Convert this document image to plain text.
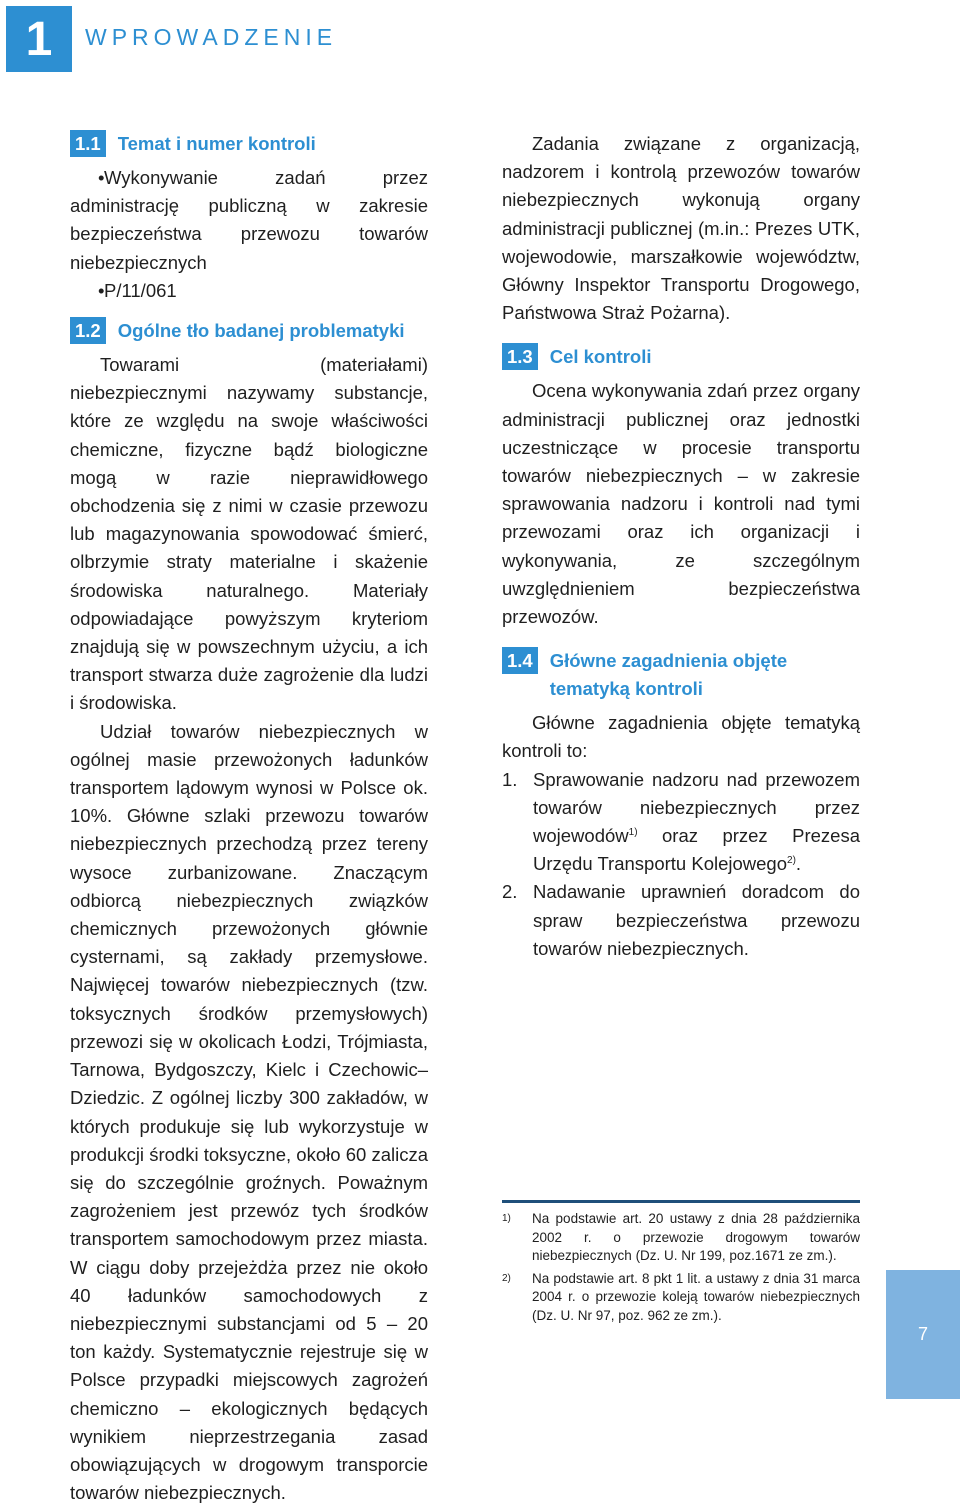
1 WPROWADZENIE
1.1 Temat i numer kontroli
• Wykonywanie zadań przez administrację publiczną w zakresie bezpieczeństwa przewozu towarów niebezpiecznych
• P/11/061
1.2 Ogólne tło badanej problematyki

Towarami (materiałami) niebezpiecznymi nazywamy substancje, które ze względu na swoje właściwości chemiczne, fizyczne bądź biologiczne mogą w razie nieprawidłowego obchodzenia się z nimi w czasie przewozu lub magazynowania spowodować śmierć, olbrzymie straty materialne i skażenie środowiska naturalnego. Materiały odpowiadające powyższym kryteriom znajdują się w powszechnym użyciu, a ich transport stwarza duże zagrożenie dla ludzi i środowiska.

Udział towarów niebezpiecznych w ogólnej masie przewożonych ładunków transportem lądowym wynosi w Polsce ok. 10%. Główne szlaki przewozu towarów niebezpiecznych przechodzą przez tereny wysoce zurbanizowane. Znaczącym odbiorcą niebezpiecznych związków chemicznych przewożonych głównie cysternami, są zakłady przemysłowe. Najwięcej towarów niebezpiecznych (tzw. toksycznych środków przemysłowych) przewozi się w okolicach Łodzi, Trójmiasta, Tarnowa, Bydgoszczy, Kielc i Czechowic–Dziedzic. Z ogólnej liczby 300 zakładów, w których produkuje się lub wykorzystuje w produkcji środki toksyczne, około 60 zalicza się do szczególnie groźnych. Poważnym zagrożeniem jest przewóz tych środków transportem samochodowym przez miasta. W ciągu doby przejeżdża przez nie około 40 ładunków samochodowych z niebezpiecznymi substancjami od 5 – 20 ton każdy. Systematycznie rejestruje się w Polsce przypadki miejscowych zagrożeń chemiczno – ekologicznych będących wynikiem nieprzestrzegania zasad obowiązujących w drogowym transporcie towarów niebezpiecznych.

Zadania związane z organizacją, nadzorem i kontrolą przewozów towarów niebezpiecznych wykonują organy administracji publicznej (m.in.: Prezes UTK, wojewodowie, marszałkowie województw, Główny Inspektor Transportu Drogowego, Państwowa Straż Pożarna).

1.3 Cel kontroli

Ocena wykonywania zdań przez organy administracji publicznej oraz jednostki uczestniczące w procesie transportu towarów niebezpiecznych – w zakresie sprawowania nadzoru i kontroli nad tymi przewozami oraz ich organizacji i wykonywania, ze szczególnym uwzględnieniem bezpieczeństwa przewozów.

1.4 Główne zagadnienia objęte tematyką kontroli

Główne zagadnienia objęte tematyką kontroli to:

1. Sprawowanie nadzoru nad przewozem towarów niebezpiecznych przez wojewodów$^{1)}$ oraz przez Prezesa Urzędu Transportu Kolejowego$^{2)}$.
2. Nadawanie uprawnień doradcom do spraw bezpieczeństwa przewozu towarów niebezpiecznych.
1)	Na podstawie art. 20 ustawy z dnia 28 października 2002 r. o przewozie drogowym towarów niebezpiecznych (Dz. U. Nr 199, poz.1671 ze zm.).
2)	Na podstawie art. 8 pkt 1 lit. a ustawy z dnia 31 marca 2004 r. o przewozie koleją towarów niebezpiecznych (Dz. U. Nr 97, poz. 962 ze zm.).
7
